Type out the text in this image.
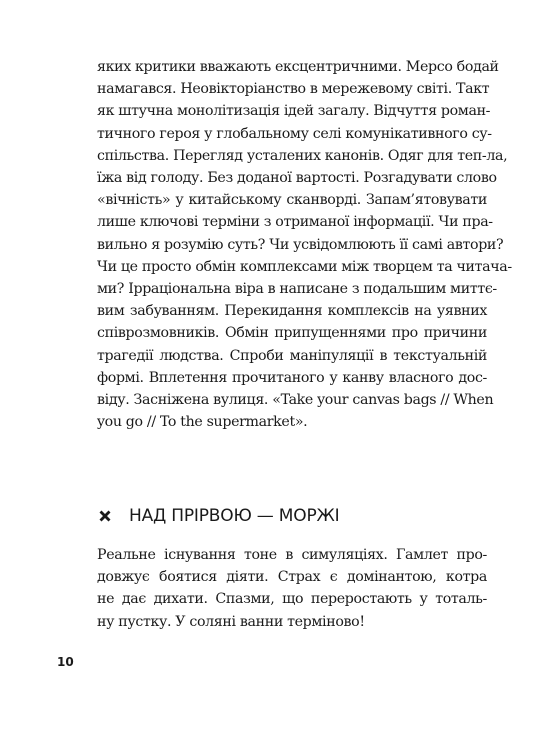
яких критики вважають ексцентричними. Мерсо бодай
намагався. Неовікторіанство в мережевому світі. Такт
як штучна монолітизація ідей загалу. Відчуття роман-
тичного героя у глобальному селі комунікативного су-
спільства. Перегляд усталених канонів. Одяг для теп-ла,
їжа від голоду. Без доданої вартості. Розгадувати слово
«вічність» у китайському сканворді. Запам’ятовувати
лише ключові терміни з отриманої інформації. Чи пра-
вильно я розумію суть? Чи усвідомлюють її самі автори?
Чи це просто обмін комплексами між творцем та читача-
ми? Ірраціональна віра в написане з подальшим миттє-
вим забуванням. Перекидання комплексів на уявних
співрозмовників. Обмін припущеннями про причини
трагедії людства. Спроби маніпуляції в текстуальній
формі. Вплетення прочитаного у канву власного дос-
віду. Засніжена вулиця. «Take your canvas bags // When
you go // To the supermarket».

НАД ПРІРВОЮ — МОРЖІ

Реальне існування тоне в симуляціях. Гамлет про-
довжує боятися діяти. Страх є домінантою, котра
не дає дихати. Спазми, що переростають у тоталь-
ну пустку. У соляні ванни терміново!

10
